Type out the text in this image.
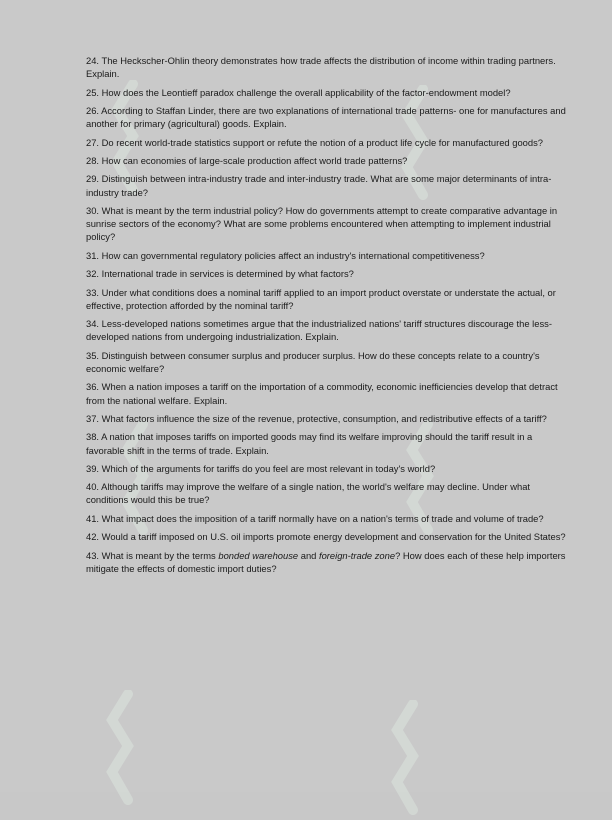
24. The Heckscher-Ohlin theory demonstrates how trade affects the distribution of income within trading partners. Explain.

25. How does the Leontieff paradox challenge the overall applicability of the factor-endowment model?

26. According to Staffan Linder, there are two explanations of international trade patterns- one for manufactures and another for primary (agricultural) goods. Explain.

27. Do recent world-trade statistics support or refute the notion of a product life cycle for manufactured goods?

28. How can economies of large-scale production affect world trade patterns?

29. Distinguish between intra-industry trade and inter-industry trade. What are some major determinants of intra-industry trade?

30. What is meant by the term industrial policy? How do governments attempt to create comparative advantage in sunrise sectors of the economy? What are some problems encountered when attempting to implement industrial policy?

31. How can governmental regulatory policies affect an industry's international competitiveness?

32. International trade in services is determined by what factors?

33. Under what conditions does a nominal tariff applied to an import product overstate or understate the actual, or effective, protection afforded by the nominal tariff?

34. Less-developed nations sometimes argue that the industrialized nations' tariff structures discourage the less-developed nations from undergoing industrialization. Explain.

35. Distinguish between consumer surplus and producer surplus. How do these concepts relate to a country's economic welfare?

36. When a nation imposes a tariff on the importation of a commodity, economic inefficiencies develop that detract from the national welfare. Explain.

37. What factors influence the size of the revenue, protective, consumption, and redistributive effects of a tariff?

38. A nation that imposes tariffs on imported goods may find its welfare improving should the tariff result in a favorable shift in the terms of trade. Explain.

39. Which of the arguments for tariffs do you feel are most relevant in today's world?

40. Although tariffs may improve the welfare of a single nation, the world's welfare may decline. Under what conditions would this be true?

41. What impact does the imposition of a tariff normally have on a nation's terms of trade and volume of trade?

42. Would a tariff imposed on U.S. oil imports promote energy development and conservation for the United States?

43. What is meant by the terms bonded warehouse and foreign-trade zone? How does each of these help importers mitigate the effects of domestic import duties?
